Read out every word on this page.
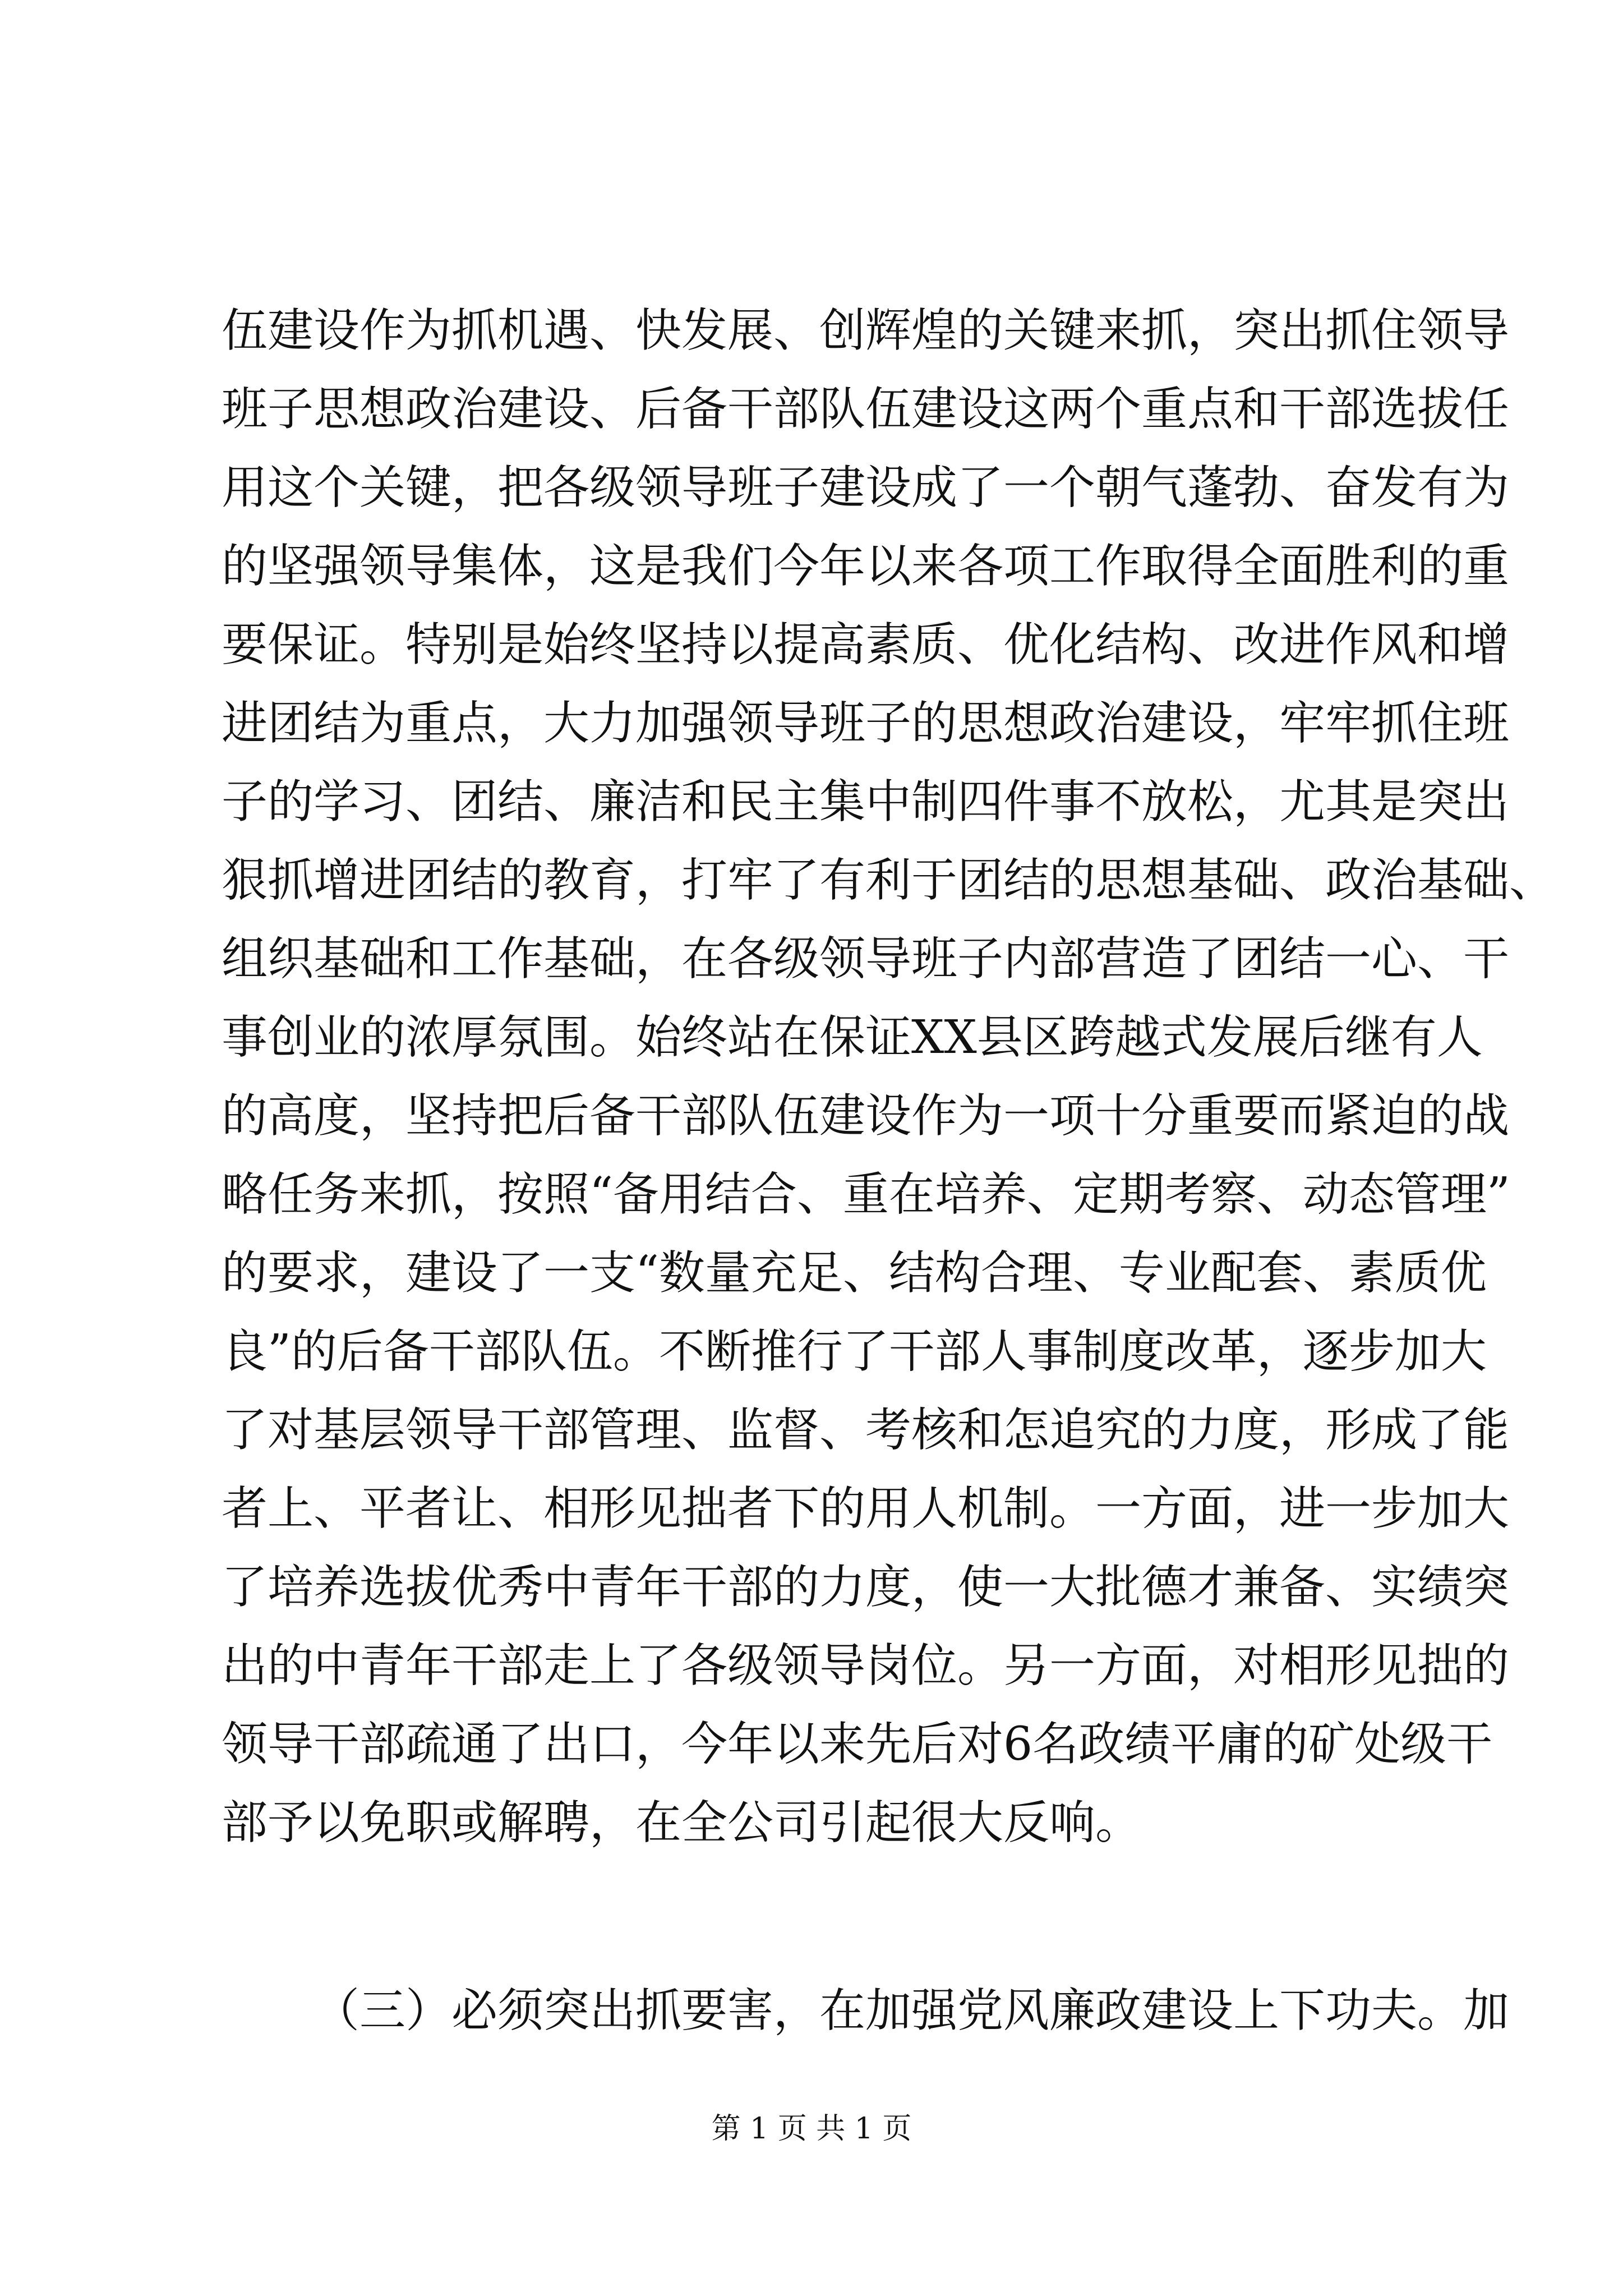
伍建设作为抓机遇、快发展、创辉煌的关键来抓，突出抓住领导
班子思想政治建设、后备干部队伍建设这两个重点和干部选拔任
用这个关键，把各级领导班子建设成了一个朝气蓬勃、奋发有为
的坚强领导集体，这是我们今年以来各项工作取得全面胜利的重
要保证。特别是始终坚持以提高素质、优化结构、改进作风和增
进团结为重点，大力加强领导班子的思想政治建设，牢牢抓住班
子的学习、团结、廉洁和民主集中制四件事不放松，尤其是突出
狠抓增进团结的教育，打牢了有利于团结的思想基础、政治基础、
组织基础和工作基础，在各级领导班子内部营造了团结一心、干
事创业的浓厚氛围。始终站在保证XX县区跨越式发展后继有人
的高度，坚持把后备干部队伍建设作为一项十分重要而紧迫的战
略任务来抓，按照“备用结合、重在培养、定期考察、动态管理”
的要求，建设了一支“数量充足、结构合理、专业配套、素质优
良”的后备干部队伍。不断推行了干部人事制度改革，逐步加大
了对基层领导干部管理、监督、考核和怎追究的力度，形成了能
者上、平者让、相形见拙者下的用人机制。一方面，进一步加大
了培养选拔优秀中青年干部的力度，使一大批德才兼备、实绩突
出的中青年干部走上了各级领导岗位。另一方面，对相形见拙的
领导干部疏通了出口，今年以来先后对6名政绩平庸的矿处级干
部予以免职或解聘，在全公司引起很大反响。
（三）必须突出抓要害，在加强党风廉政建设上下功夫。加
第 1 页 共 1 页
